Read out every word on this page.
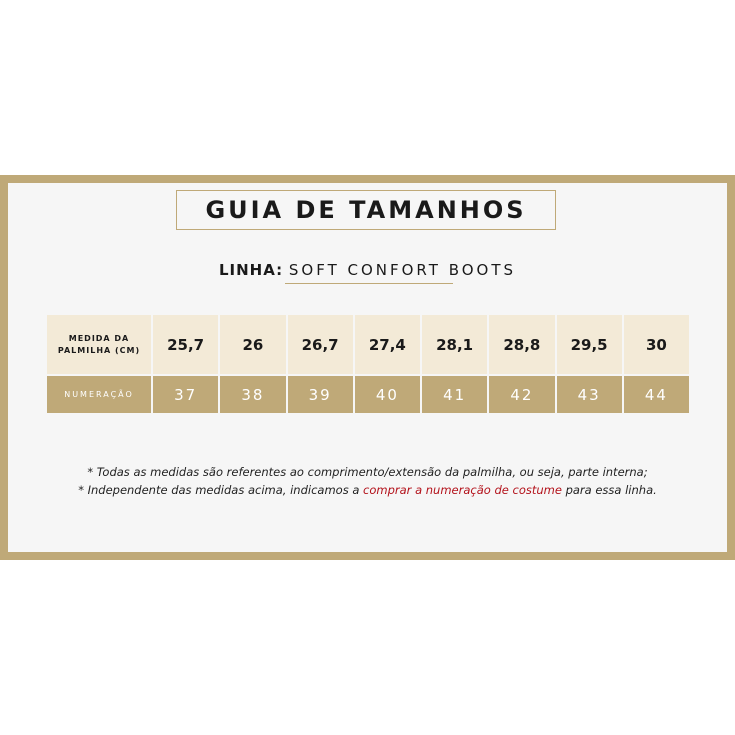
GUIA DE TAMANHOS
LINHA: SOFT CONFORT BOOTS
MEDIDA DA PALMILHA (CM)	25,7	26	26,7	27,4	28,1	28,8	29,5	30
NUMERAÇÃO	37	38	39	40	41	42	43	44
* Todas as medidas são referentes ao comprimento/extensão da palmilha, ou seja, parte interna;
* Independente das medidas acima, indicamos a comprar a numeração de costume para essa linha.
